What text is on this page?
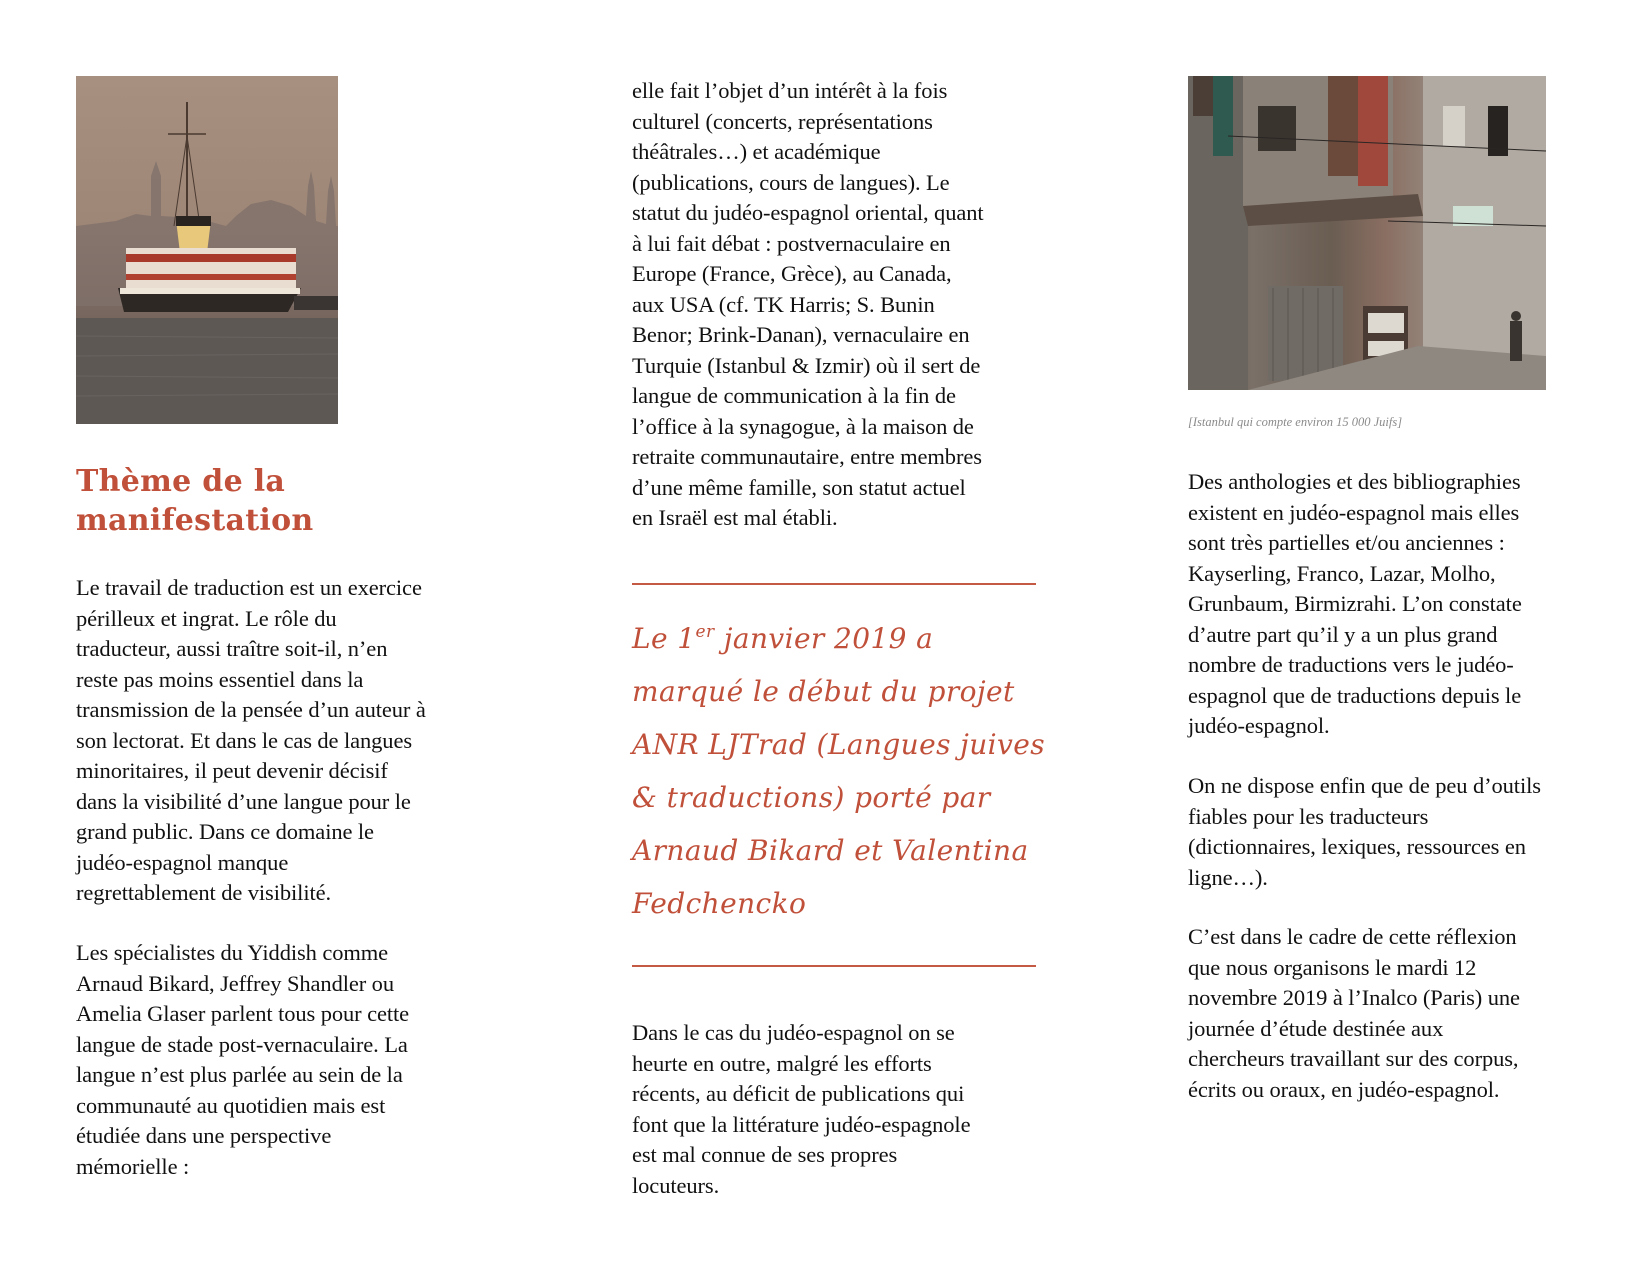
Thème de la
manifestation

Le travail de traduction est un exercice
périlleux et ingrat. Le rôle du
traducteur, aussi traître soit-il, n’en
reste pas moins essentiel dans la
transmission de la pensée d’un auteur à
son lectorat. Et dans le cas de langues
minoritaires, il peut devenir décisif
dans la visibilité d’une langue pour le
grand public. Dans ce domaine le
judéo-espagnol manque
regrettablement de visibilité.

Les spécialistes du Yiddish comme
Arnaud Bikard, Jeffrey Shandler ou
Amelia Glaser parlent tous pour cette
langue de stade post-vernaculaire. La
langue n’est plus parlée au sein de la
communauté au quotidien mais est
étudiée dans une perspective
mémorielle :

elle fait l’objet d’un intérêt à la fois
culturel (concerts, représentations
théâtrales…) et académique
(publications, cours de langues). Le
statut du judéo-espagnol oriental, quant
à lui fait débat : postvernaculaire en
Europe (France, Grèce), au Canada,
aux USA (cf. TK Harris; S. Bunin
Benor; Brink-Danan), vernaculaire en
Turquie (Istanbul & Izmir) où il sert de
langue de communication à la fin de
l’office à la synagogue, à la maison de
retraite communautaire, entre membres
d’une même famille, son statut actuel
en Israël est mal établi.

Le 1er janvier 2019 a
marqué le début du projet
ANR LJTrad (Langues juives
& traductions) porté par
Arnaud Bikard et Valentina
Fedchencko

Dans le cas du judéo-espagnol on se
heurte en outre, malgré les efforts
récents, au déficit de publications qui
font que la littérature judéo-espagnole
est mal connue de ses propres
locuteurs.

[Istanbul qui compte environ 15 000 Juifs]

Des anthologies et des bibliographies
existent en judéo-espagnol mais elles
sont très partielles et/ou anciennes :
Kayserling, Franco, Lazar, Molho,
Grunbaum, Birmizrahi. L’on constate
d’autre part qu’il y a un plus grand
nombre de traductions vers le judéo-
espagnol que de traductions depuis le
judéo-espagnol.

On ne dispose enfin que de peu d’outils
fiables pour les traducteurs
(dictionnaires, lexiques, ressources en
ligne…).

C’est dans le cadre de cette réflexion
que nous organisons le mardi 12
novembre 2019 à l’Inalco (Paris) une
journée d’étude destinée aux
chercheurs travaillant sur des corpus,
écrits ou oraux, en judéo-espagnol.
